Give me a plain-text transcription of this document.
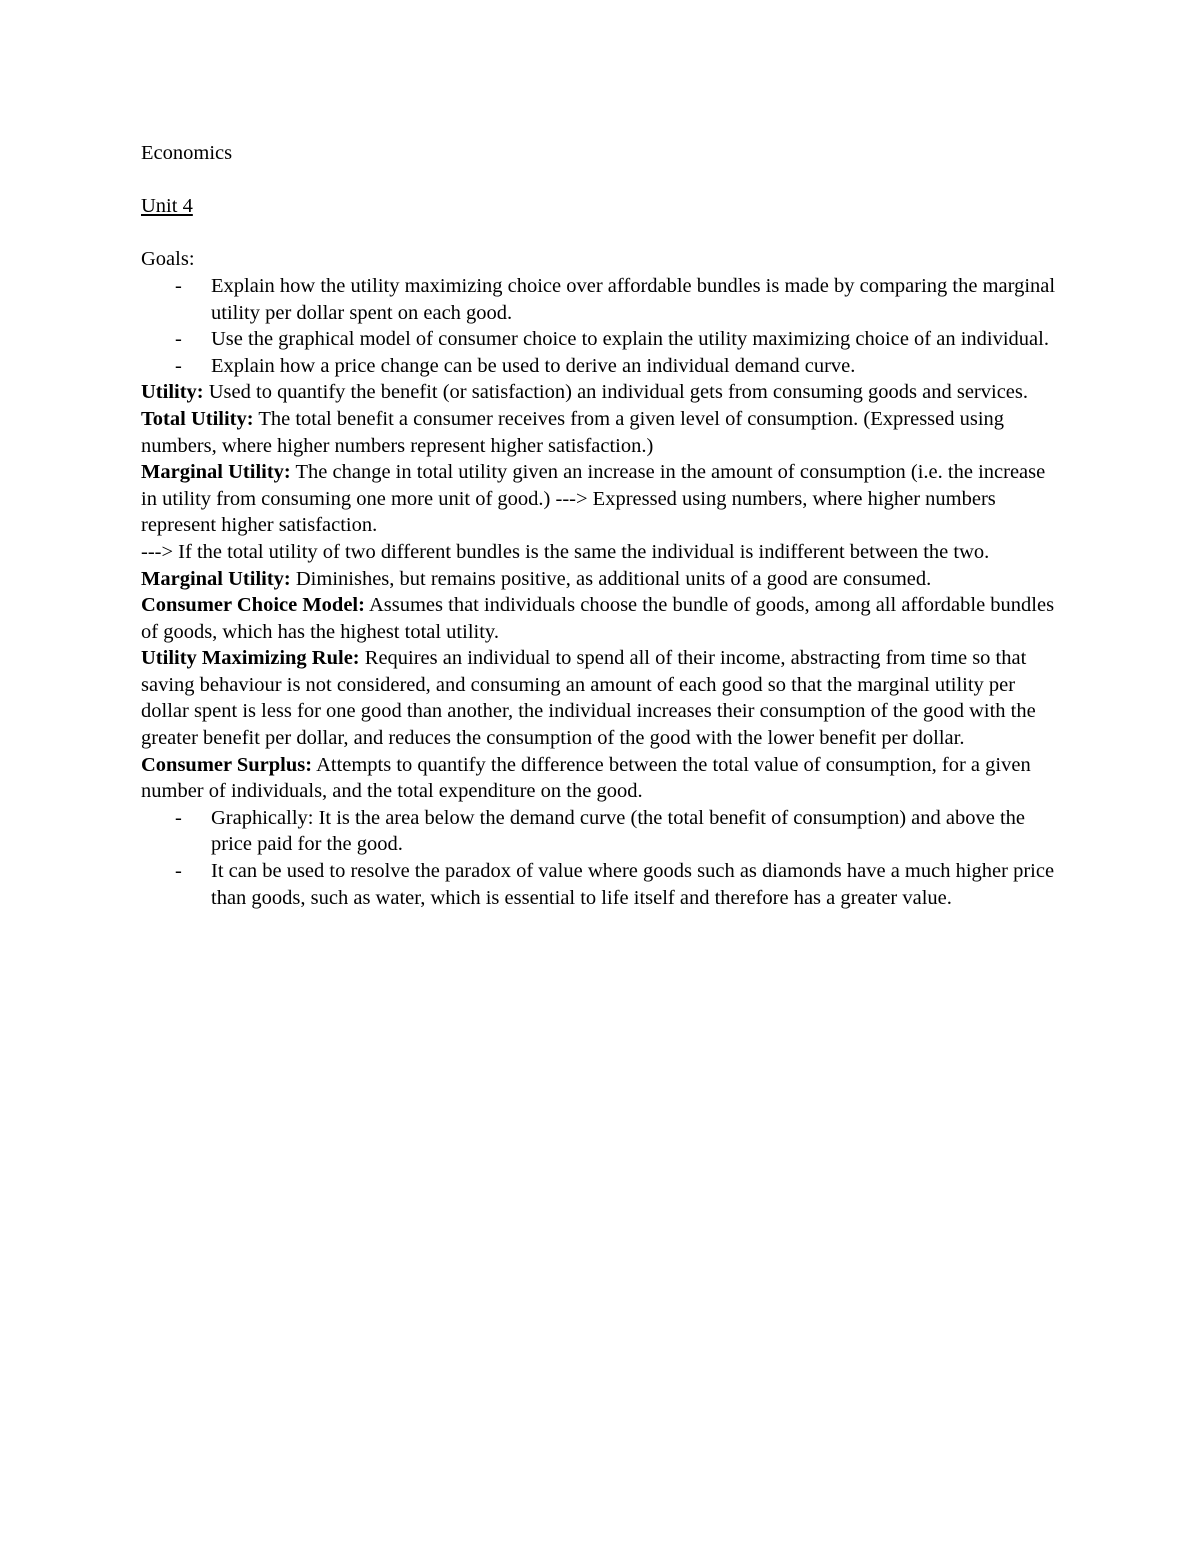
Economics
Unit 4
Goals:
- Explain how the utility maximizing choice over affordable bundles is made by comparing the marginal utility per dollar spent on each good.
- Use the graphical model of consumer choice to explain the utility maximizing choice of an individual.
- Explain how a price change can be used to derive an individual demand curve.

Utility: Used to quantify the benefit (or satisfaction) an individual gets from consuming goods and services.

Total Utility: The total benefit a consumer receives from a given level of consumption. (Expressed using numbers, where higher numbers represent higher satisfaction.)

Marginal Utility: The change in total utility given an increase in the amount of consumption (i.e. the increase in utility from consuming one more unit of good.) ---> Expressed using numbers, where higher numbers represent higher satisfaction.

---> If the total utility of two different bundles is the same the individual is indifferent between the two.

Marginal Utility: Diminishes, but remains positive, as additional units of a good are consumed.

Consumer Choice Model: Assumes that individuals choose the bundle of goods, among all affordable bundles of goods, which has the highest total utility.

Utility Maximizing Rule: Requires an individual to spend all of their income, abstracting from time so that saving behaviour is not considered, and consuming an amount of each good so that the marginal utility per dollar spent is less for one good than another, the individual increases their consumption of the good with the greater benefit per dollar, and reduces the consumption of the good with the lower benefit per dollar.

Consumer Surplus: Attempts to quantify the difference between the total value of consumption, for a given number of individuals, and the total expenditure on the good.

- Graphically: It is the area below the demand curve (the total benefit of consumption) and above the price paid for the good.
- It can be used to resolve the paradox of value where goods such as diamonds have a much higher price than goods, such as water, which is essential to life itself and therefore has a greater value.
